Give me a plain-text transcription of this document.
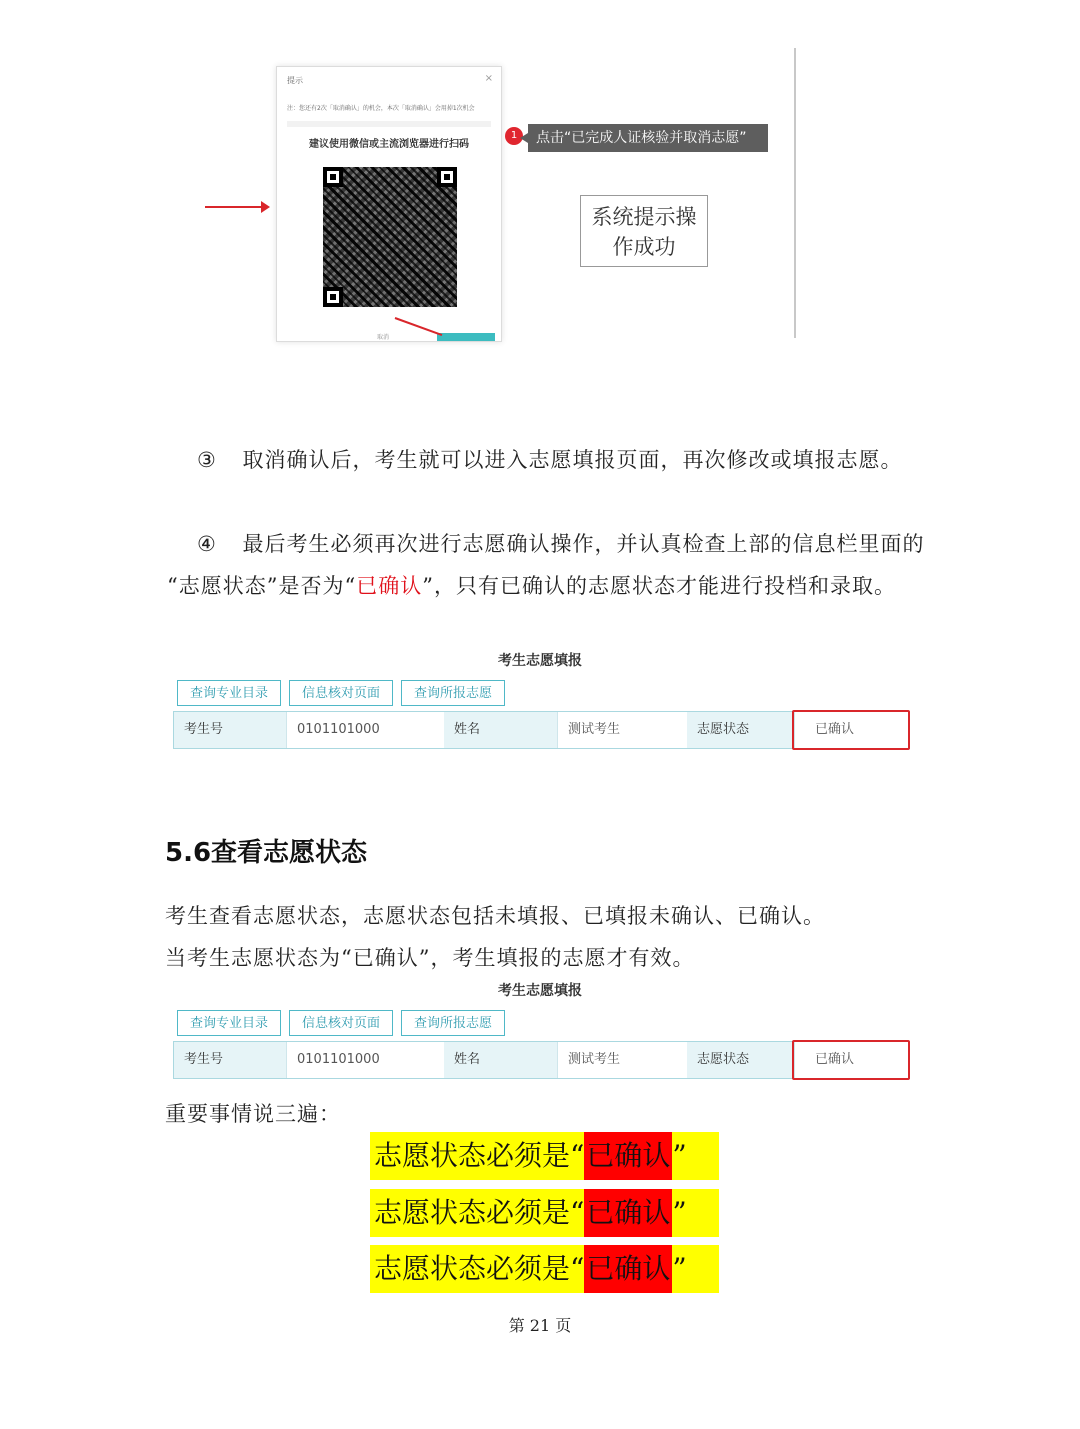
提示	×
注：您还有2次「取消确认」的机会，本次「取消确认」会用掉1次机会
建议使用微信或主流浏览器进行扫码
取消
1	点击“已完成人证核验并取消志愿”
系统提示操
作成功
③ 取消确认后，考生就可以进入志愿填报页面，再次修改或填报志愿。
④ 最后考生必须再次进行志愿确认操作，并认真检查上部的信息栏里面的
“志愿状态”是否为“已确认”，只有已确认的志愿状态才能进行投档和录取。
考生志愿填报
查询专业目录	信息核对页面	查询所报志愿
考生号	0101101000	姓名	测试考生	志愿状态	已确认
5.6查看志愿状态
考生查看志愿状态，志愿状态包括未填报、已填报未确认、已确认。
当考生志愿状态为“已确认”，考生填报的志愿才有效。
考生志愿填报
查询专业目录	信息核对页面	查询所报志愿
考生号	0101101000	姓名	测试考生	志愿状态	已确认
重要事情说三遍：
志愿状态必须是“已确认”
志愿状态必须是“已确认”
志愿状态必须是“已确认”
第 21 页
